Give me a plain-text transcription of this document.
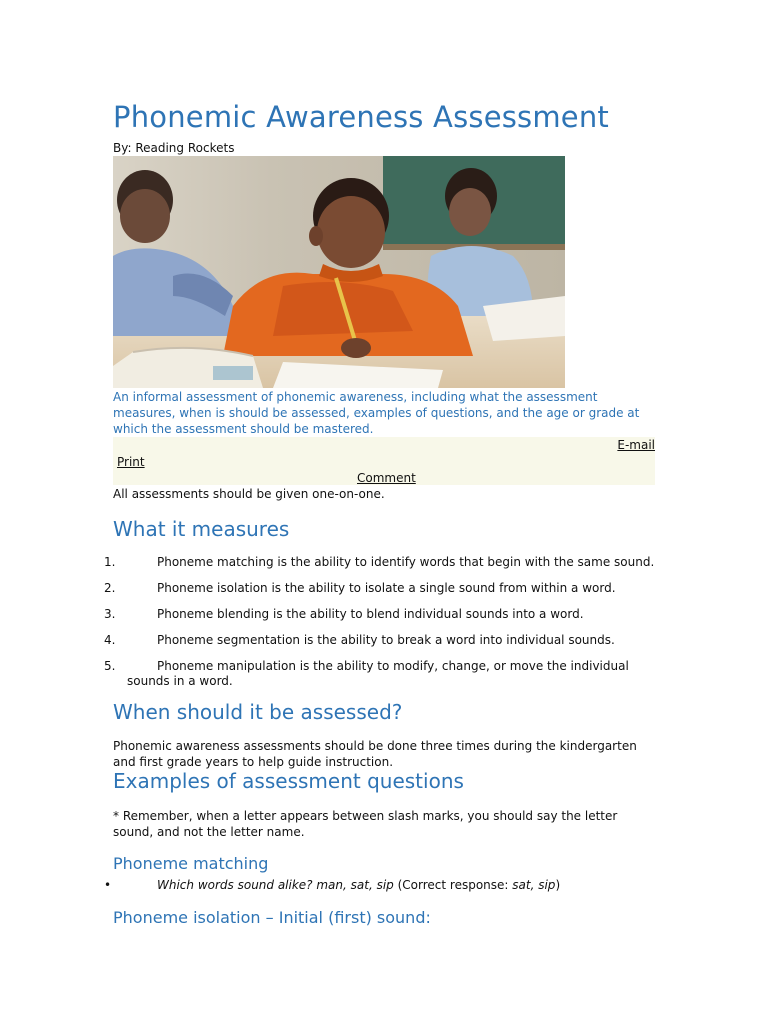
Phonemic Awareness Assessment
By: Reading Rockets
An informal assessment of phonemic awareness, including what the assessment measures, when is should be assessed, examples of questions, and the age or grade at which the assessment should be mastered.
E-mail
Print
Comment
All assessments should be given one-on-one.
What it measures
1.	Phoneme matching is the ability to identify words that begin with the same sound.
2.	Phoneme isolation is the ability to isolate a single sound from within a word.
3.	Phoneme blending is the ability to blend individual sounds into a word.
4.	Phoneme segmentation is the ability to break a word into individual sounds.
5.	Phoneme manipulation is the ability to modify, change, or move the individual
sounds in a word.
When should it be assessed?
Phonemic awareness assessments should be done three times during the kindergarten and first grade years to help guide instruction.
Examples of assessment questions
* Remember, when a letter appears between slash marks, you should say the letter sound, and not the letter name.
Phoneme matching
•	Which words sound alike? man, sat, sip (Correct response: sat, sip)
Phoneme isolation – Initial (first) sound:
